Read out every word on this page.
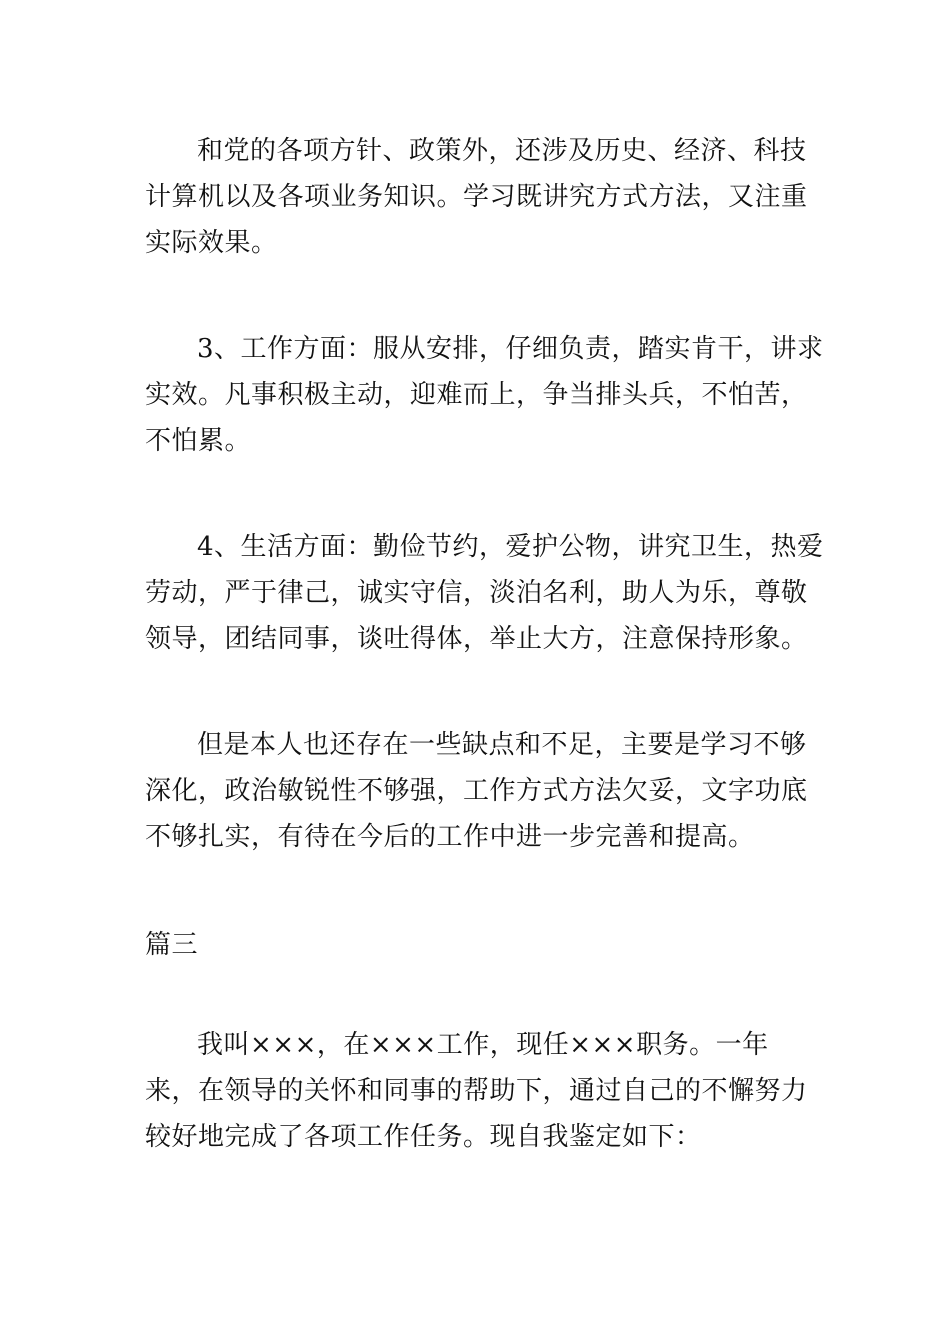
和党的各项方针、政策外，还涉及历史、经济、科技
计算机以及各项业务知识。学习既讲究方式方法，又注重
实际效果。
3、工作方面：服从安排，仔细负责，踏实肯干，讲求
实效。凡事积极主动，迎难而上，争当排头兵，不怕苦，
不怕累。
4、生活方面：勤俭节约，爱护公物，讲究卫生，热爱
劳动，严于律己，诚实守信，淡泊名利，助人为乐，尊敬
领导，团结同事，谈吐得体，举止大方，注意保持形象。
但是本人也还存在一些缺点和不足，主要是学习不够
深化，政治敏锐性不够强，工作方式方法欠妥，文字功底
不够扎实，有待在今后的工作中进一步完善和提高。
篇三
我叫×××，在×××工作，现任×××职务。一年
来，在领导的关怀和同事的帮助下，通过自己的不懈努力
较好地完成了各项工作任务。现自我鉴定如下：
